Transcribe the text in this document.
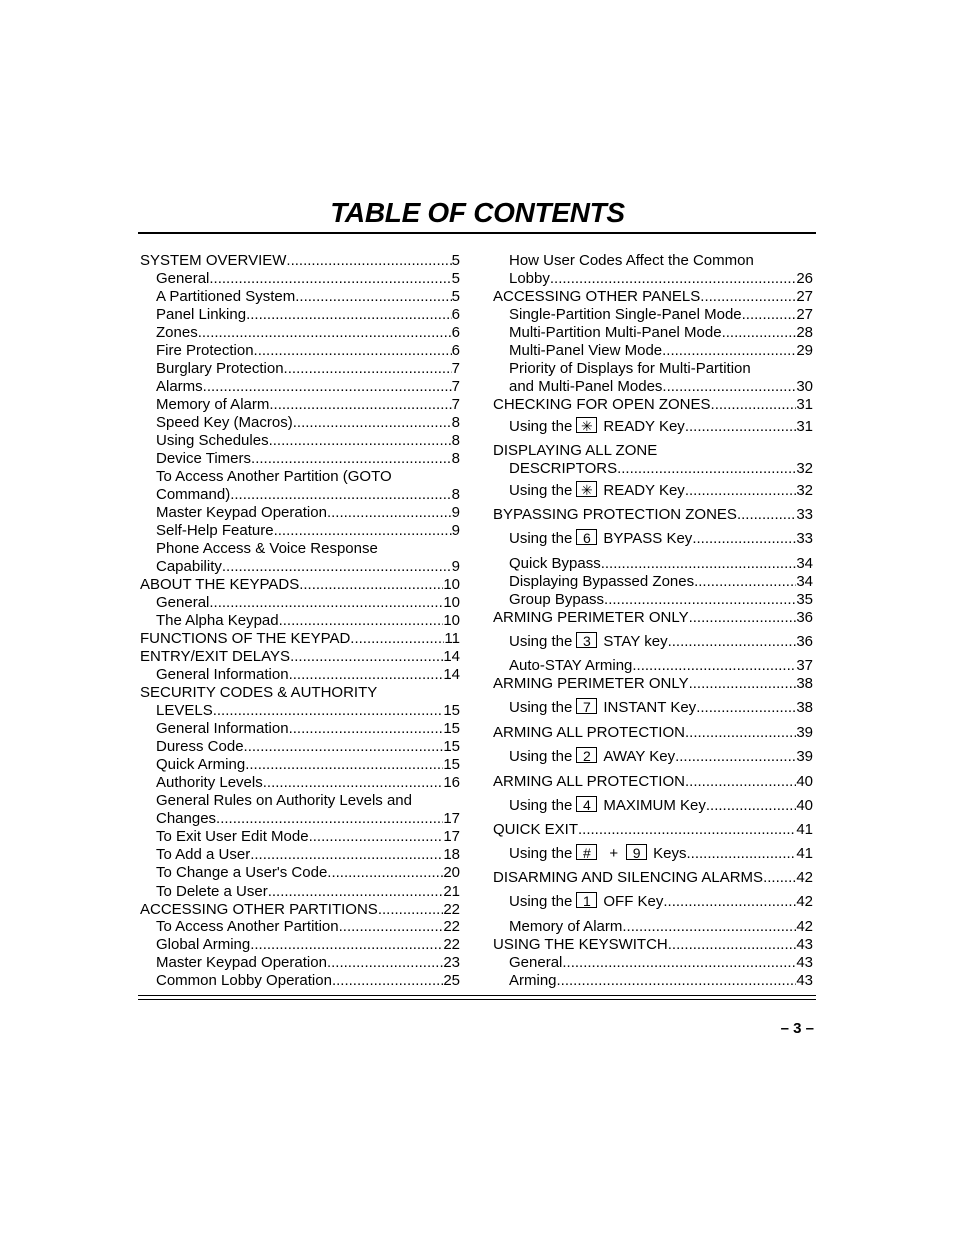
TABLE OF CONTENTS
SYSTEM OVERVIEW .....	5
General .....	5
A Partitioned System .....	5
Panel Linking .....	6
Zones .....	6
Fire Protection .....	6
Burglary Protection. .....	7
Alarms .....	7
Memory of Alarm .....	7
Speed Key (Macros) .....	8
Using Schedules .....	8
Device Timers .....	8
To Access Another Partition (GOTO
Command) .....	8
Master Keypad Operation .....	9
Self-Help Feature .....	9
Phone Access & Voice Response
Capability .....	9
ABOUT THE KEYPADS .....	10
General .....	10
The Alpha Keypad .....	10
FUNCTIONS OF THE KEYPAD. .....	11
ENTRY/EXIT DELAYS .....	14
General Information .....	14
SECURITY CODES & AUTHORITY
LEVELS .....	15
General Information .....	15
Duress Code .....	15
Quick Arming .....	15
Authority Levels .....	16
General Rules on Authority Levels and
Changes .....	17
To Exit User Edit Mode .....	17
To Add a User .....	18
To Change a User's Code .....	20
To Delete a User .....	21
ACCESSING OTHER PARTITIONS .....	22
To Access Another Partition .....	22
Global Arming .....	22
Master Keypad Operation .....	23
Common Lobby Operation .....	25
How User Codes Affect the Common
Lobby .....	26
ACCESSING OTHER PANELS .....	27
Single-Partition Single-Panel Mode .....	27
Multi-Partition Multi-Panel Mode .....	28
Multi-Panel View Mode .....	29
Priority of Displays for Multi-Partition
and Multi-Panel Modes .....	30
CHECKING FOR OPEN ZONES. .....	31
Using the ✳ READY Key .....	31
DISPLAYING ALL ZONE
DESCRIPTORS .....	32
Using the ✳ READY Key .....	32
BYPASSING PROTECTION ZONES .....	33
Using the 6 BYPASS Key .....	33
Quick Bypass .....	34
Displaying Bypassed Zones. .....	34
Group Bypass .....	35
ARMING PERIMETER ONLY .....	36
Using the 3 STAY key .....	36
Auto-STAY Arming .....	37
ARMING PERIMETER ONLY .....	38
Using the 7 INSTANT Key .....	38
ARMING ALL PROTECTION .....	39
Using the 2 AWAY Key .....	39
ARMING ALL PROTECTION .....	40
Using the 4 MAXIMUM Key .....	40
QUICK EXIT .....	41
Using the # + 9 Keys .....	41
DISARMING AND SILENCING ALARMS ..... 42
Using the 1 OFF Key .....	42
Memory of Alarm .....	42
USING THE KEYSWITCH .....	43
General .....	43
Arming .....	43
– 3 –
